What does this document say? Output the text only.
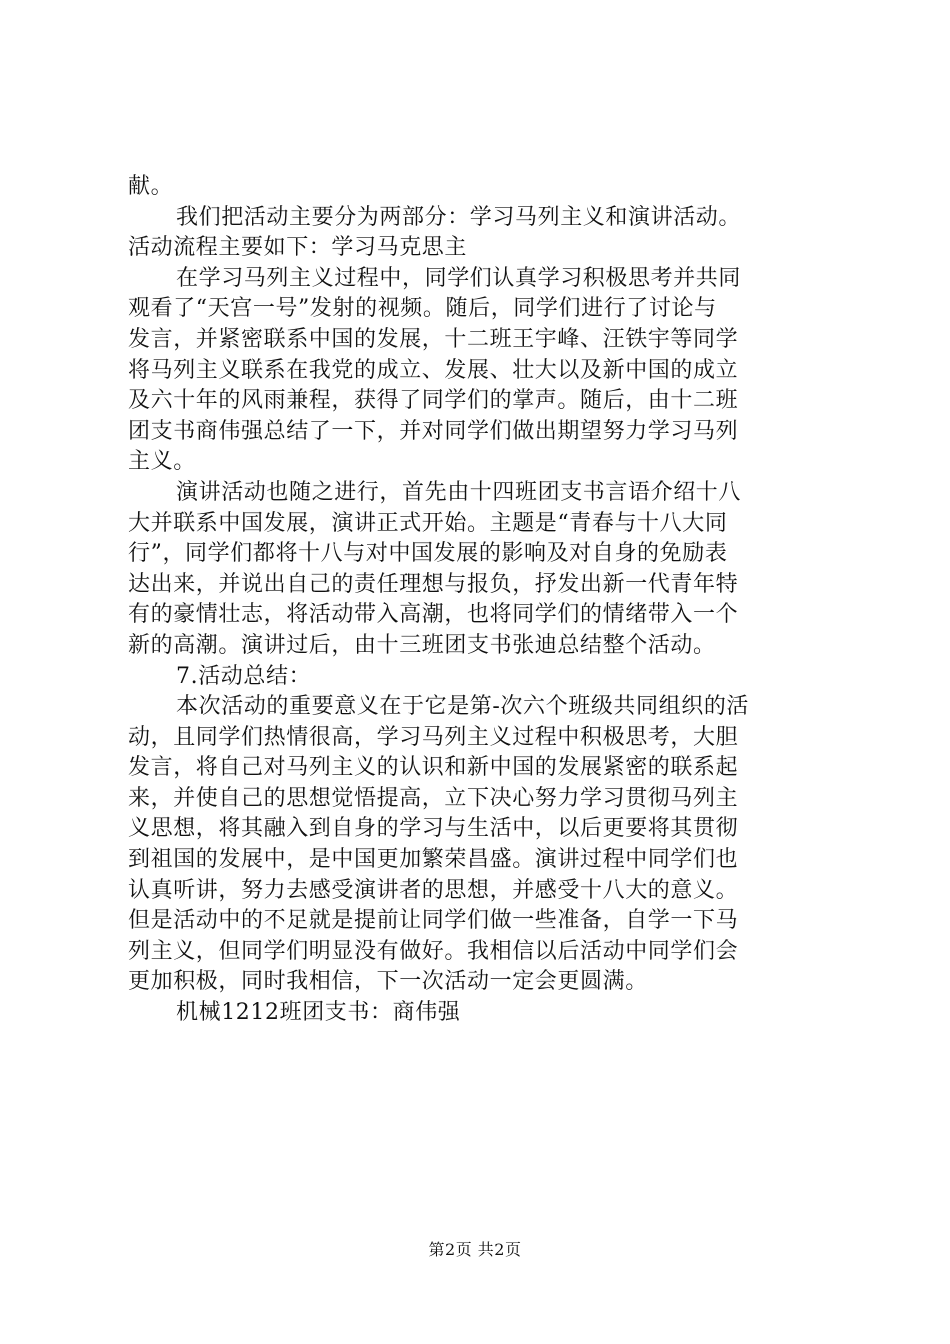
献。
我们把活动主要分为两部分：学习马列主义和演讲活动。
活动流程主要如下：学习马克思主
在学习马列主义过程中，同学们认真学习积极思考并共同
观看了“天宫一号”发射的视频。随后，同学们进行了讨论与
发言，并紧密联系中国的发展，十二班王宇峰、汪铁宇等同学
将马列主义联系在我党的成立、发展、壮大以及新中国的成立
及六十年的风雨兼程，获得了同学们的掌声。随后，由十二班
团支书商伟强总结了一下，并对同学们做出期望努力学习马列
主义。
演讲活动也随之进行，首先由十四班团支书言语介绍十八
大并联系中国发展，演讲正式开始。主题是“青春与十八大同
行”，同学们都将十八与对中国发展的影响及对自身的免励表
达出来，并说出自己的责任理想与报负，抒发出新一代青年特
有的豪情壮志，将活动带入高潮，也将同学们的情绪带入一个
新的高潮。演讲过后，由十三班团支书张迪总结整个活动。
7.活动总结：
本次活动的重要意义在于它是第-次六个班级共同组织的活
动，且同学们热情很高，学习马列主义过程中积极思考，大胆
发言，将自己对马列主义的认识和新中国的发展紧密的联系起
来，并使自己的思想觉悟提高，立下决心努力学习贯彻马列主
义思想，将其融入到自身的学习与生活中，以后更要将其贯彻
到祖国的发展中，是中国更加繁荣昌盛。演讲过程中同学们也
认真听讲，努力去感受演讲者的思想，并感受十八大的意义。
但是活动中的不足就是提前让同学们做一些准备，自学一下马
列主义，但同学们明显没有做好。我相信以后活动中同学们会
更加积极，同时我相信，下一次活动一定会更圆满。
机械1212班团支书：商伟强
第2页 共2页
